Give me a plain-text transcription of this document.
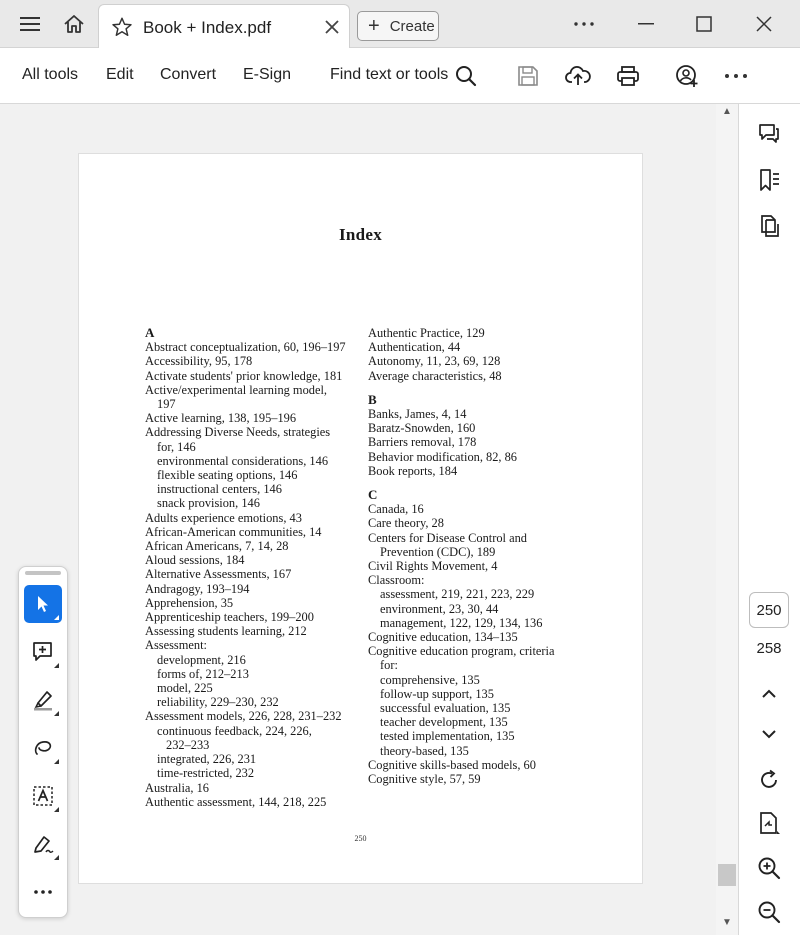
Book + Index.pdf	+ Create
All tools Edit Convert E-Sign Find text or tools
Index
A
Abstract conceptualization, 60, 196–197
Accessibility, 95, 178
Activate students' prior knowledge, 181
Active/experimental learning model,
197
Active learning, 138, 195–196
Addressing Diverse Needs, strategies
for, 146
environmental considerations, 146
flexible seating options, 146
instructional centers, 146
snack provision, 146
Adults experience emotions, 43
African-American communities, 14
African Americans, 7, 14, 28
Aloud sessions, 184
Alternative Assessments, 167
Andragogy, 193–194
Apprehension, 35
Apprenticeship teachers, 199–200
Assessing students learning, 212
Assessment:
development, 216
forms of, 212–213
model, 225
reliability, 229–230, 232
Assessment models, 226, 228, 231–232
continuous feedback, 224, 226,
232–233
integrated, 226, 231
time-restricted, 232
Australia, 16
Authentic assessment, 144, 218, 225
Authentic Practice, 129
Authentication, 44
Autonomy, 11, 23, 69, 128
Average characteristics, 48
B
Banks, James, 4, 14
Baratz-Snowden, 160
Barriers removal, 178
Behavior modification, 82, 86
Book reports, 184
C
Canada, 16
Care theory, 28
Centers for Disease Control and
Prevention (CDC), 189
Civil Rights Movement, 4
Classroom:
assessment, 219, 221, 223, 229
environment, 23, 30, 44
management, 122, 129, 134, 136
Cognitive education, 134–135
Cognitive education program, criteria
for:
comprehensive, 135
follow-up support, 135
successful evaluation, 135
teacher development, 135
tested implementation, 135
theory-based, 135
Cognitive skills-based models, 60
Cognitive style, 57, 59
250
▲
▼
250
258
